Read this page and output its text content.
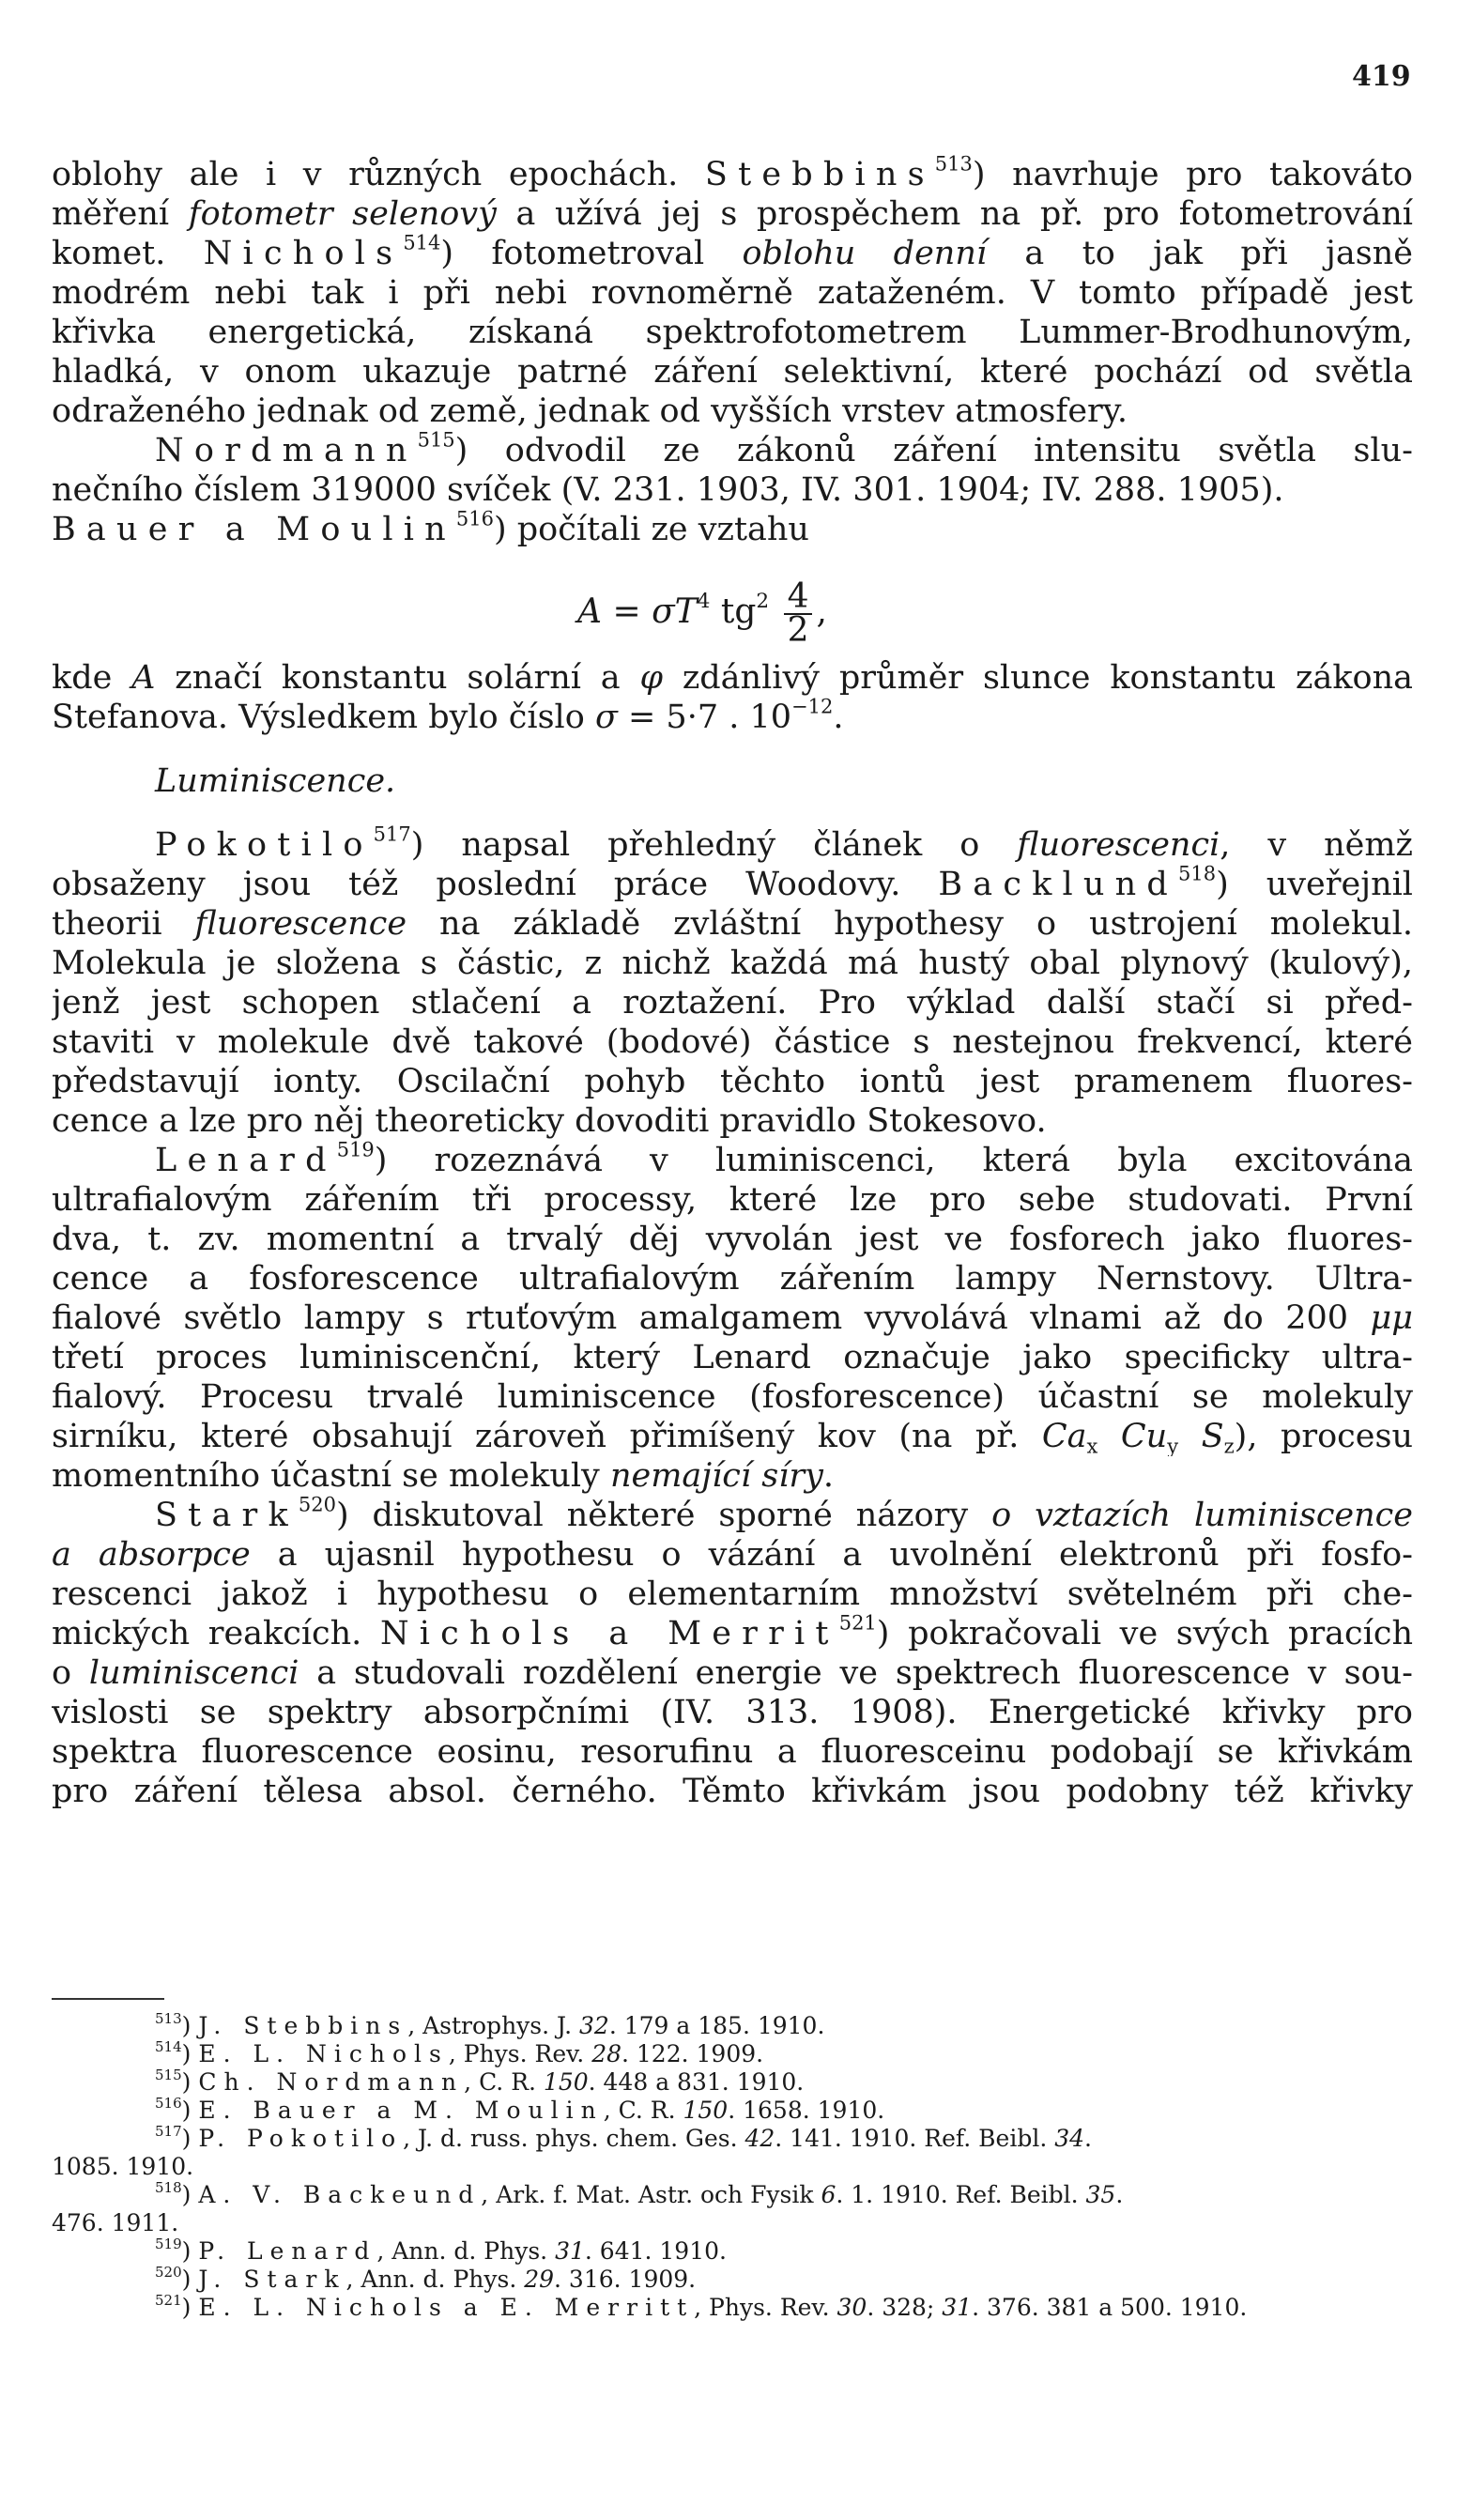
419
oblohy ale i v různých epochách. Stebbins$^{513}$) navrhuje pro takováto
měření fotometr selenový a užívá jej s prospěchem na př. pro fotometrování
komet. Nichols$^{514}$) fotometroval oblohu denní a to jak při jasně
modrém nebi tak i při nebi rovnoměrně zataženém. V tomto případě jest
křivka energetická, získaná spektrofotometrem Lummer-Brodhunovým,
hladká, v onom ukazuje patrné záření selektivní, které pochází od světla
odraženého jednak od země, jednak od vyšších vrstev atmosfery.
Nordmann$^{515}$) odvodil ze zákonů záření intensitu světla slu-
nečního číslem 319000 svíček (V. 231. 1903, IV. 301. 1904; IV. 288. 1905).
Bauer a Moulin$^{516}$) počítali ze vztahu
$A = \sigma T^4$ $tg^2 \frac{4}{2}$ ,
kde A značí konstantu solární a φ zdánlivý průměr slunce konstantu zákona
Stefanova. Výsledkem bylo číslo σ = 5·7 . $10^{-12}$.
Luminiscence.
Pokotilo$^{517}$) napsal přehledný článek o fluorescenci, v němž
obsaženy jsou též poslední práce Woodovy. Backlund$^{518}$) uveřejnil
theorii fluorescence na základě zvláštní hypothesy o ustrojení molekul.
Molekula je složena s částic, z nichž každá má hustý obal plynový (kulový),
jenž jest schopen stlačení a roztažení. Pro výklad další stačí si před-
staviti v molekule dvě takové (bodové) částice s nestejnou frekvencí, které
představují ionty. Oscilační pohyb těchto iontů jest pramenem fluores-
cence a lze pro něj theoreticky dovoditi pravidlo Stokesovo.
Lenard$^{519}$) rozeznává v luminiscenci, která byla excitována
ultrafialovým zářením tři processy, které lze pro sebe studovati. První
dva, t. zv. momentní a trvalý děj vyvolán jest ve fosforech jako fluores-
cence a fosforescence ultrafialovým zářením lampy Nernstovy. Ultra-
fialové světlo lampy s rtuťovým amalgamem vyvolává vlnami až do 200 μμ
třetí proces luminiscenční, který Lenard označuje jako specificky ultra-
fialový. Procesu trvalé luminiscence (fosforescence) účastní se molekuly
sirníku, které obsahují zároveň přimíšený kov (na př. $Ca_x$ Cuy Sz), procesu
momentního účastní se molekuly nemající síry.
Stark$^{520}$) diskutoval některé sporné názory o vztazích luminiscence
a absorpce a ujasnil hypothesu o vázání a uvolnění elektronů při fosfo-
rescenci jakož i hypothesu o elementarním množství světelném při che-
mických reakcích. Nichols a Merrit$^{521}$) pokračovali ve svých pracích
o luminiscenci a studovali rozdělení energie ve spektrech fluorescence v sou-
vislosti se spektry absorpčními (IV. 313. 1908). Energetické křivky pro
spektra fluorescence eosinu, resorufinu a fluoresceinu podobají se křivkám
pro záření tělesa absol. černého. Těmto křivkám jsou podobny též křivky
$^{513}$) J. Stebbins, Astrophys. J. 32. 179 a 185. 1910.
$^{514}$) E. L. Nichols, Phys. Rev. 28. 122. 1909.
$^{515}$) Ch. Nordmann, C. R. 150. 448 a 831. 1910.
$^{516}$) E. Bauer a M. Moulin, C. R. 150. 1658. 1910.
$^{517}$) P. Pokotilo, J. d. russ. phys. chem. Ges. 42. 141. 1910. Ref. Beibl. 34.
1085. 1910.
$^{518}$) A. V. Backeund, Ark. f. Mat. Astr. och Fysik 6. 1. 1910. Ref. Beibl. 35.
476. 1911.
$^{519}$) P. Lenard, Ann. d. Phys. 31. 641. 1910.
$^{520}$) J. Stark, Ann. d. Phys. 29. 316. 1909.
$^{521}$) E. L. Nichols a E. Merritt, Phys. Rev. 30. 328; 31. 376. 381 a 500. 1910.
